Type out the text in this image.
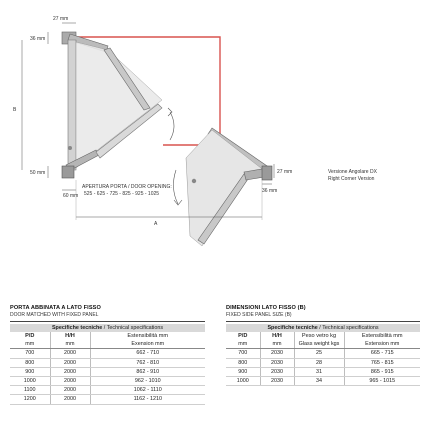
27 mm
36 mm
B
50 mm
60 mm
APERTURA PORTA / DOOR OPENING:
525 - 625 - 725 - 825 - 925 - 1025
A
27 mm
36 mm
Versione Angolare DX
Right Corner Version
PORTA ABBINATA A LATO FISSO
DOOR MATCHED WITH FIXED PANEL
Specifiche tecniche / Technical specifications		
P/D	H/H	Estensibilità mm
mm	mm	Exension mm
700	2000	662 - 710
800	2000	762 - 810
900	2000	862 - 910
1000	2000	962 - 1010
1100	2000	1062 - 1110
1200	2000	1162 - 1210
DIMENSIONI LATO FISSO (B)
FIXED SIDE PANEL SIZE (B)
Specifiche tecniche / Technical specifications			
P/D	H/H	Peso vetro kg	Estensibilità mm
mm	mm	Glass weight kgs	Extension mm
700	2030	25	665 - 715
800	2030	28	765 - 815
900	2030	31	865 - 915
1000	2030	34	965 - 1015
